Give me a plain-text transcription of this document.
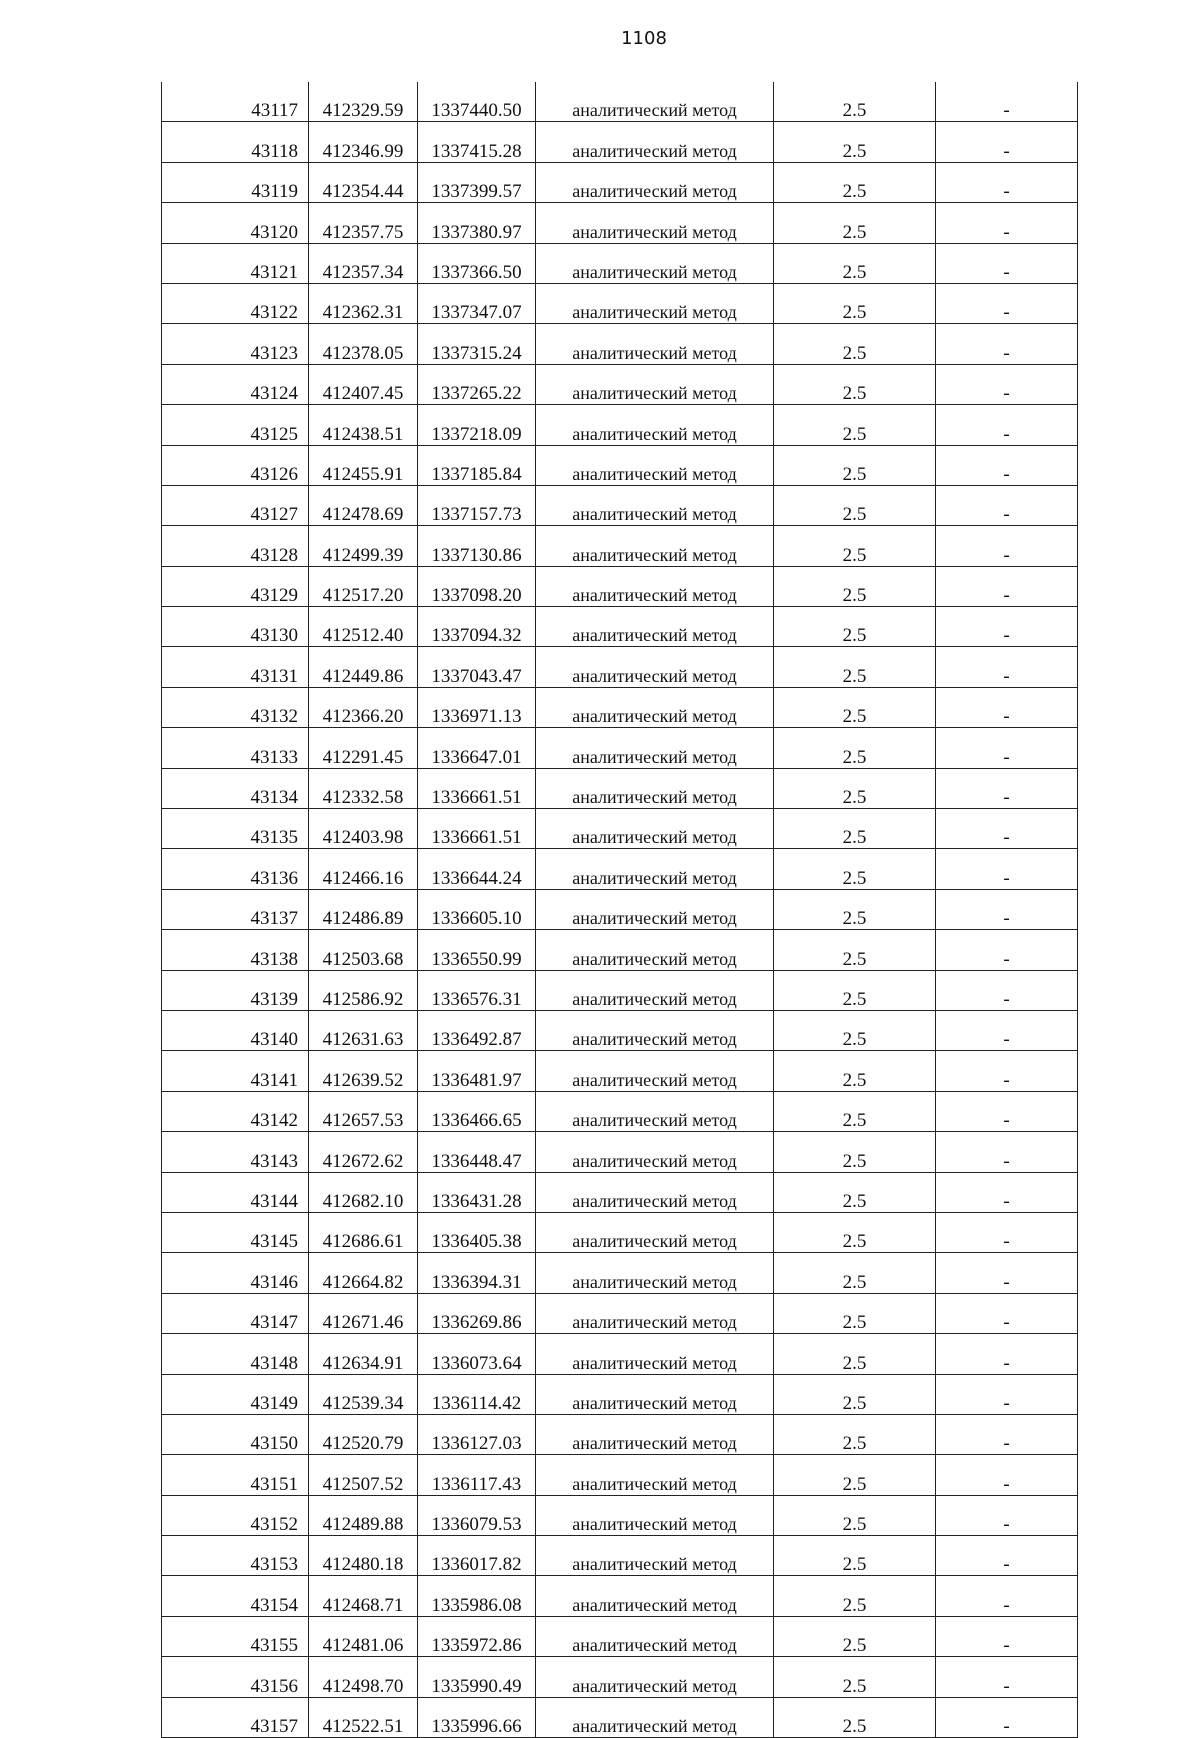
1108
43117	412329.59	1337440.50	аналитический метод	2.5	-
43118	412346.99	1337415.28	аналитический метод	2.5	-
43119	412354.44	1337399.57	аналитический метод	2.5	-
43120	412357.75	1337380.97	аналитический метод	2.5	-
43121	412357.34	1337366.50	аналитический метод	2.5	-
43122	412362.31	1337347.07	аналитический метод	2.5	-
43123	412378.05	1337315.24	аналитический метод	2.5	-
43124	412407.45	1337265.22	аналитический метод	2.5	-
43125	412438.51	1337218.09	аналитический метод	2.5	-
43126	412455.91	1337185.84	аналитический метод	2.5	-
43127	412478.69	1337157.73	аналитический метод	2.5	-
43128	412499.39	1337130.86	аналитический метод	2.5	-
43129	412517.20	1337098.20	аналитический метод	2.5	-
43130	412512.40	1337094.32	аналитический метод	2.5	-
43131	412449.86	1337043.47	аналитический метод	2.5	-
43132	412366.20	1336971.13	аналитический метод	2.5	-
43133	412291.45	1336647.01	аналитический метод	2.5	-
43134	412332.58	1336661.51	аналитический метод	2.5	-
43135	412403.98	1336661.51	аналитический метод	2.5	-
43136	412466.16	1336644.24	аналитический метод	2.5	-
43137	412486.89	1336605.10	аналитический метод	2.5	-
43138	412503.68	1336550.99	аналитический метод	2.5	-
43139	412586.92	1336576.31	аналитический метод	2.5	-
43140	412631.63	1336492.87	аналитический метод	2.5	-
43141	412639.52	1336481.97	аналитический метод	2.5	-
43142	412657.53	1336466.65	аналитический метод	2.5	-
43143	412672.62	1336448.47	аналитический метод	2.5	-
43144	412682.10	1336431.28	аналитический метод	2.5	-
43145	412686.61	1336405.38	аналитический метод	2.5	-
43146	412664.82	1336394.31	аналитический метод	2.5	-
43147	412671.46	1336269.86	аналитический метод	2.5	-
43148	412634.91	1336073.64	аналитический метод	2.5	-
43149	412539.34	1336114.42	аналитический метод	2.5	-
43150	412520.79	1336127.03	аналитический метод	2.5	-
43151	412507.52	1336117.43	аналитический метод	2.5	-
43152	412489.88	1336079.53	аналитический метод	2.5	-
43153	412480.18	1336017.82	аналитический метод	2.5	-
43154	412468.71	1335986.08	аналитический метод	2.5	-
43155	412481.06	1335972.86	аналитический метод	2.5	-
43156	412498.70	1335990.49	аналитический метод	2.5	-
43157	412522.51	1335996.66	аналитический метод	2.5	-
